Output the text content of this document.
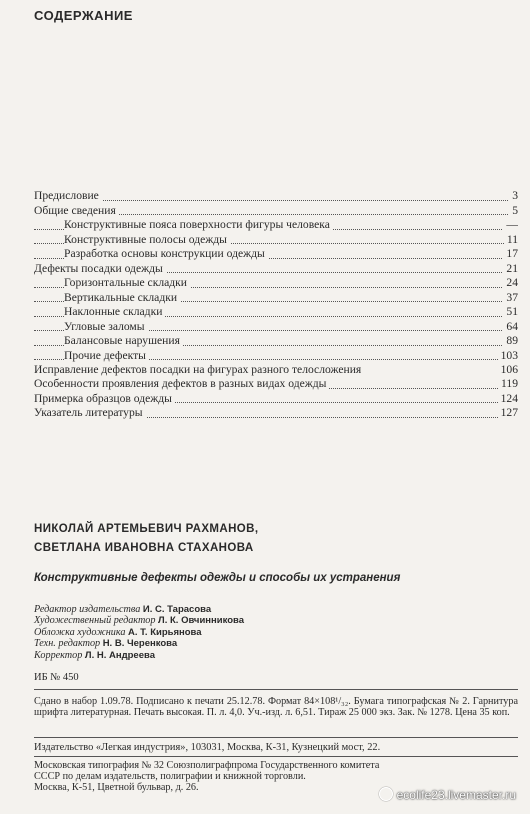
СОДЕРЖАНИЕ
Предисловие	3
Общие сведения	5
Конструктивные пояса поверхности фигуры человека	—
Конструктивные полосы одежды	11
Разработка основы конструкции одежды	17
Дефекты посадки одежды	21
Горизонтальные складки	24
Вертикальные складки	37
Наклонные складки	51
Угловые заломы	64
Балансовые нарушения	89
Прочие дефекты	103
Исправление дефектов посадки на фигурах разного телосложения	106
Особенности проявления дефектов в разных видах одежды	119
Примерка образцов одежды	124
Указатель литературы	127
НИКОЛАЙ АРТЕМЬЕВИЧ РАХМАНОВ,
СВЕТЛАНА ИВАНОВНА СТАХАНОВА
Конструктивные дефекты одежды и способы их устранения
Редактор издательства И. С. Тарасова
Художественный редактор Л. К. Овчинникова
Обложка художника А. Т. Кирьянова
Техн. редактор Н. В. Черенкова
Корректор Л. Н. Андреева
ИБ № 450
Сдано в набор 1.09.78. Подписано к печати 25.12.78. Формат 84×108¹/₃₂. Бумага типографская № 2. Гарнитура шрифта литературная. Печать высокая. П. л. 4,0. Уч.-изд. л. 6,51. Тираж 25 000 экз. Зак. № 1278. Цена 35 коп.
Издательство «Легкая индустрия», 103031, Москва, К-31, Кузнецкий мост, 22.
Московская типография № 32 Союзполиграфпрома Государственного комитета
СССР по делам издательств, полиграфии и книжной торговли.
Москва, К-51, Цветной бульвар, д. 26.
ecolife23.livemaster.ru
